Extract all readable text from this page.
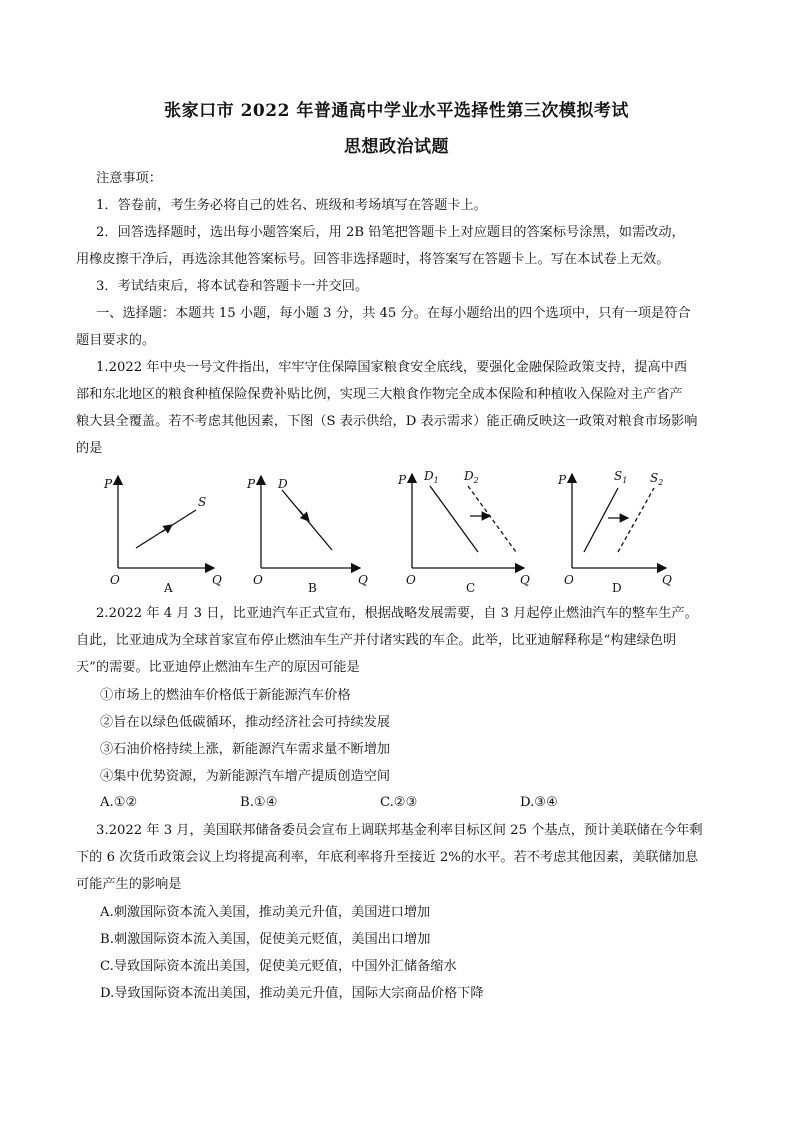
张家口市 2022 年普通高中学业水平选择性第三次模拟考试
思想政治试题
注意事项：
1．答卷前，考生务必将自己的姓名、班级和考场填写在答题卡上。
2．回答选择题时，选出每小题答案后，用 2B 铅笔把答题卡上对应题目的答案标号涂黑，如需改动，
用橡皮擦干净后，再选涂其他答案标号。回答非选择题时，将答案写在答题卡上。写在本试卷上无效。
3．考试结束后，将本试卷和答题卡一并交回。
一、选择题：本题共 15 小题，每小题 3 分，共 45 分。在每小题给出的四个选项中，只有一项是符合
题目要求的。
1.2022 年中央一号文件指出，牢牢守住保障国家粮食安全底线，要强化金融保险政策支持，提高中西
部和东北地区的粮食种植保险保费补贴比例，实现三大粮食作物完全成本保险和种植收入保险对主产省产
粮大县全覆盖。若不考虑其他因素，下图（S 表示供给，D 表示需求）能正确反映这一政策对粮食市场影响
的是
P
O	Q
S
A
P
O	Q
D
B
P
O	Q
$D_1$ $D_2$
C
P
O	Q
$S_1$ $S_2$
D
2.2022 年 4 月 3 日，比亚迪汽车正式宣布，根据战略发展需要，自 3 月起停止燃油汽车的整车生产。
自此，比亚迪成为全球首家宣布停止燃油车生产并付诸实践的车企。此举，比亚迪解释称是“构建绿色明
天”的需要。比亚迪停止燃油车生产的原因可能是
①市场上的燃油车价格低于新能源汽车价格
②旨在以绿色低碳循环，推动经济社会可持续发展
③石油价格持续上涨，新能源汽车需求量不断增加
④集中优势资源，为新能源汽车增产提质创造空间
A.①②	B.①④	C.②③	D.③④
3.2022 年 3 月，美国联邦储备委员会宣布上调联邦基金利率目标区间 25 个基点，预计美联储在今年剩
下的 6 次货币政策会议上均将提高利率，年底利率将升至接近 2%的水平。若不考虑其他因素，美联储加息
可能产生的影响是
A.刺激国际资本流入美国，推动美元升值，美国进口增加
B.刺激国际资本流入美国，促使美元贬值，美国出口增加
C.导致国际资本流出美国，促使美元贬值，中国外汇储备缩水
D.导致国际资本流出美国，推动美元升值，国际大宗商品价格下降
